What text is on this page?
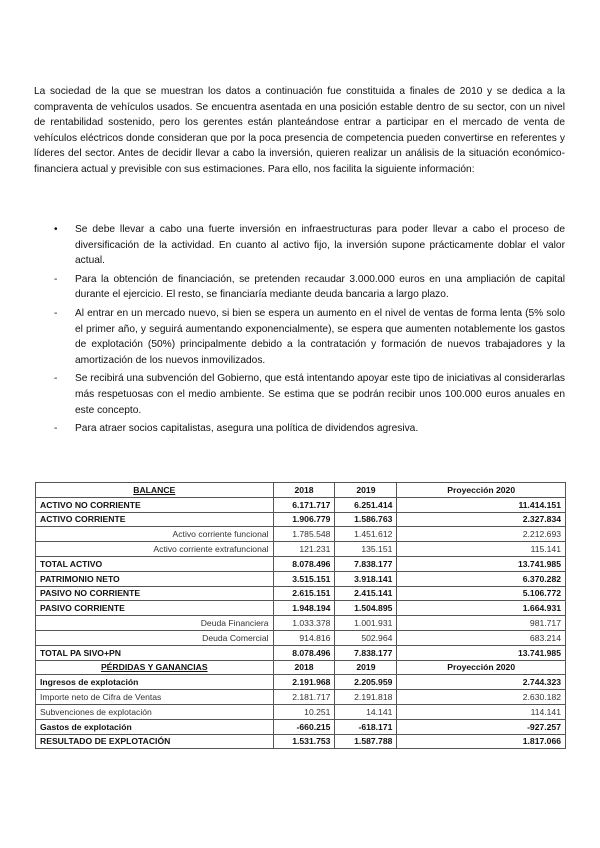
La sociedad de la que se muestran los datos a continuación fue constituida a finales de 2010 y se dedica a la compraventa de vehículos usados. Se encuentra asentada en una posición estable dentro de su sector, con un nivel de rentabilidad sostenido, pero los gerentes están planteándose entrar a participar en el mercado de venta de vehículos eléctricos donde consideran que por la poca presencia de competencia pueden convertirse en referentes y líderes del sector. Antes de decidir llevar a cabo la inversión, quieren realizar un análisis de la situación económico-financiera actual y previsible con sus estimaciones. Para ello, nos facilita la siguiente información:

• Se debe llevar a cabo una fuerte inversión en infraestructuras para poder llevar a cabo el proceso de diversificación de la actividad. En cuanto al activo fijo, la inversión supone prácticamente doblar el valor actual.
- Para la obtención de financiación, se pretenden recaudar 3.000.000 euros en una ampliación de capital durante el ejercicio. El resto, se financiaría mediante deuda bancaria a largo plazo.
- Al entrar en un mercado nuevo, si bien se espera un aumento en el nivel de ventas de forma lenta (5% solo el primer año, y seguirá aumentando exponencialmente), se espera que aumenten notablemente los gastos de explotación (50%) principalmente debido a la contratación y formación de nuevos trabajadores y la amortización de los nuevos inmovilizados.
- Se recibirá una subvención del Gobierno, que está intentando apoyar este tipo de iniciativas al considerarlas más respetuosas con el medio ambiente. Se estima que se podrán recibir unos 100.000 euros anuales en este concepto.
- Para atraer socios capitalistas, asegura una política de dividendos agresiva.
BALANCE	2018	2019	Proyección 2020
ACTIVO NO CORRIENTE	6.171.717	6.251.414	11.414.151
ACTIVO CORRIENTE	1.906.779	1.586.763	2.327.834
Activo corriente funcional	1.785.548	1.451.612	2.212.693
Activo corriente extrafuncional	121.231	135.151	115.141
TOTAL ACTIVO	8.078.496	7.838.177	13.741.985
PATRIMONIO NETO	3.515.151	3.918.141	6.370.282
PASIVO NO CORRIENTE	2.615.151	2.415.141	5.106.772
PASIVO CORRIENTE	1.948.194	1.504.895	1.664.931
Deuda Financiera	1.033.378	1.001.931	981.717
Deuda Comercial	914.816	502.964	683.214
TOTAL PA SIVO+PN	8.078.496	7.838.177	13.741.985
PÉRDIDAS Y GANANCIAS	2018	2019	Proyección 2020
Ingresos de explotación	2.191.968	2.205.959	2.744.323
Importe neto de Cifra de Ventas	2.181.717	2.191.818	2.630.182
Subvenciones de explotación	10.251	14.141	114.141
Gastos de explotación	-660.215	-618.171	-927.257
RESULTADO DE EXPLOTACIÓN	1.531.753	1.587.788	1.817.066
